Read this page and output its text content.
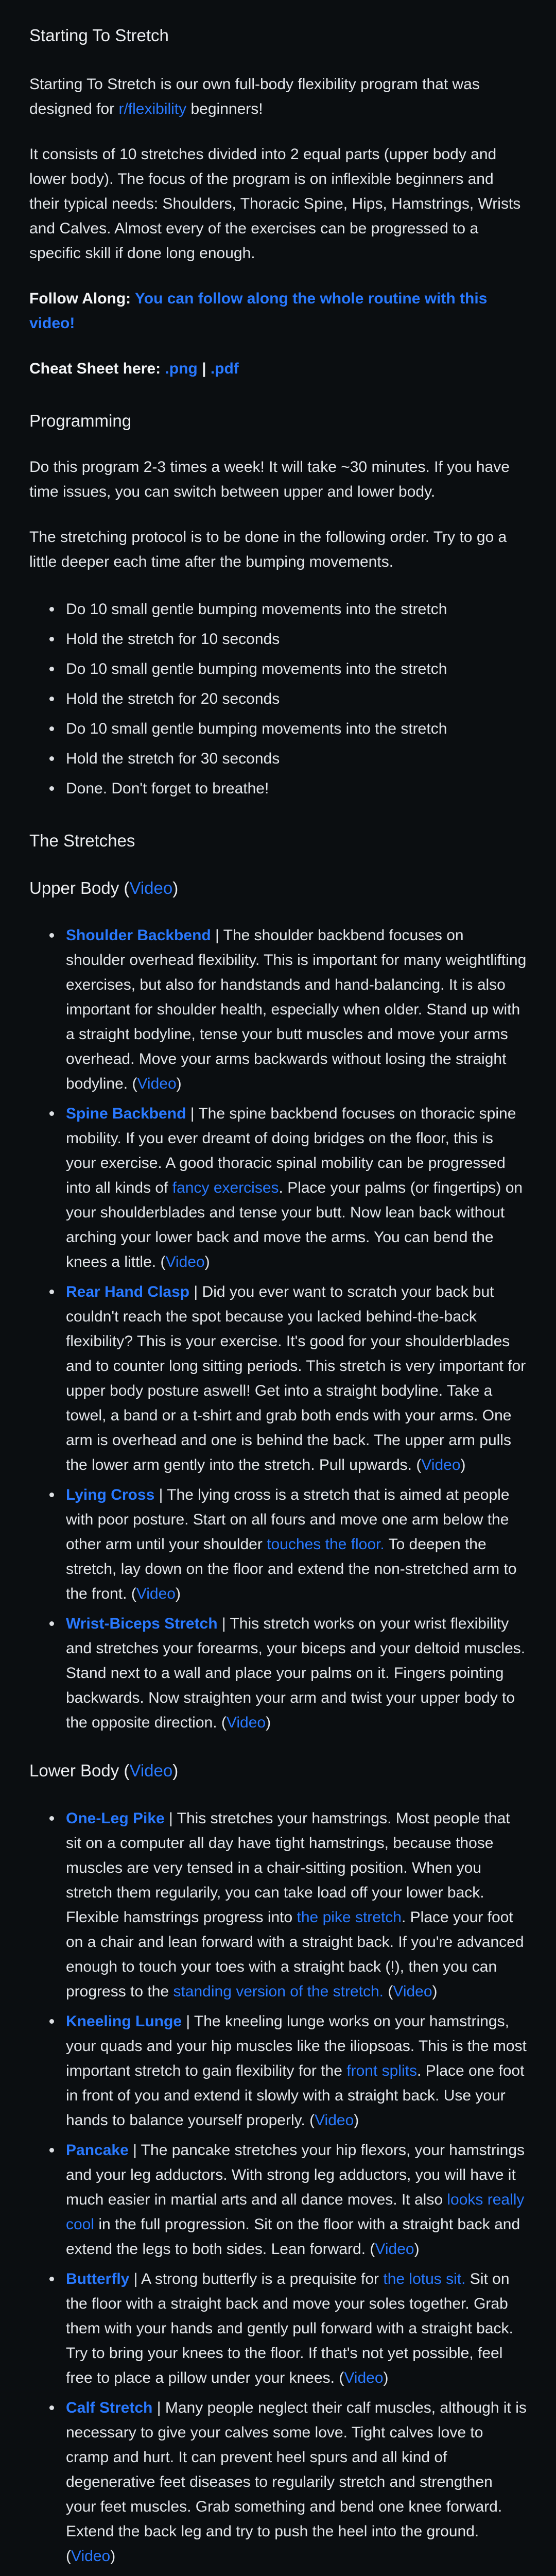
Starting To Stretch

Starting To Stretch is our own full-body flexibility program that was designed for r/flexibility beginners!

It consists of 10 stretches divided into 2 equal parts (upper body and lower body). The focus of the program is on inflexible beginners and their typical needs: Shoulders, Thoracic Spine, Hips, Hamstrings, Wrists and Calves. Almost every of the exercises can be progressed to a specific skill if done long enough.

Follow Along: You can follow along the whole routine with this video!

Cheat Sheet here: .png | .pdf

Programming

Do this program 2-3 times a week! It will take ~30 minutes. If you have time issues, you can switch between upper and lower body.

The stretching protocol is to be done in the following order. Try to go a little deeper each time after the bumping movements.

Do 10 small gentle bumping movements into the stretch
Hold the stretch for 10 seconds
Do 10 small gentle bumping movements into the stretch
Hold the stretch for 20 seconds
Do 10 small gentle bumping movements into the stretch
Hold the stretch for 30 seconds
Done. Don't forget to breathe!
The Stretches
Upper Body (Video)
Shoulder Backbend | The shoulder backbend focuses on shoulder overhead flexibility. This is important for many weightlifting exercises, but also for handstands and hand-balancing. It is also important for shoulder health, especially when older. Stand up with a straight bodyline, tense your butt muscles and move your arms overhead. Move your arms backwards without losing the straight bodyline. (Video)
Spine Backbend | The spine backbend focuses on thoracic spine mobility. If you ever dreamt of doing bridges on the floor, this is your exercise. A good thoracic spinal mobility can be progressed into all kinds of fancy exercises. Place your palms (or fingertips) on your shoulderblades and tense your butt. Now lean back without arching your lower back and move the arms. You can bend the knees a little. (Video)
Rear Hand Clasp | Did you ever want to scratch your back but couldn't reach the spot because you lacked behind-the-back flexibility? This is your exercise. It's good for your shoulderblades and to counter long sitting periods. This stretch is very important for upper body posture aswell! Get into a straight bodyline. Take a towel, a band or a t-shirt and grab both ends with your arms. One arm is overhead and one is behind the back. The upper arm pulls the lower arm gently into the stretch. Pull upwards. (Video)
Lying Cross | The lying cross is a stretch that is aimed at people with poor posture. Start on all fours and move one arm below the other arm until your shoulder touches the floor. To deepen the stretch, lay down on the floor and extend the non-stretched arm to the front. (Video)
Wrist-Biceps Stretch | This stretch works on your wrist flexibility and stretches your forearms, your biceps and your deltoid muscles. Stand next to a wall and place your palms on it. Fingers pointing backwards. Now straighten your arm and twist your upper body to the opposite direction. (Video)
Lower Body (Video)
One-Leg Pike | This stretches your hamstrings. Most people that sit on a computer all day have tight hamstrings, because those muscles are very tensed in a chair-sitting position. When you stretch them regularily, you can take load off your lower back. Flexible hamstrings progress into the pike stretch. Place your foot on a chair and lean forward with a straight back. If you're advanced enough to touch your toes with a straight back (!), then you can progress to the standing version of the stretch. (Video)
Kneeling Lunge | The kneeling lunge works on your hamstrings, your quads and your hip muscles like the iliopsoas. This is the most important stretch to gain flexibility for the front splits. Place one foot in front of you and extend it slowly with a straight back. Use your hands to balance yourself properly. (Video)
Pancake | The pancake stretches your hip flexors, your hamstrings and your leg adductors. With strong leg adductors, you will have it much easier in martial arts and all dance moves. It also looks really cool in the full progression. Sit on the floor with a straight back and extend the legs to both sides. Lean forward. (Video)
Butterfly | A strong butterfly is a prequisite for the lotus sit. Sit on the floor with a straight back and move your soles together. Grab them with your hands and gently pull forward with a straight back. Try to bring your knees to the floor. If that's not yet possible, feel free to place a pillow under your knees. (Video)
Calf Stretch | Many people neglect their calf muscles, although it is necessary to give your calves some love. Tight calves love to cramp and hurt. It can prevent heel spurs and all kind of degenerative feet diseases to regularily stretch and strengthen your feet muscles. Grab something and bend one knee forward. Extend the back leg and try to push the heel into the ground. (Video)
